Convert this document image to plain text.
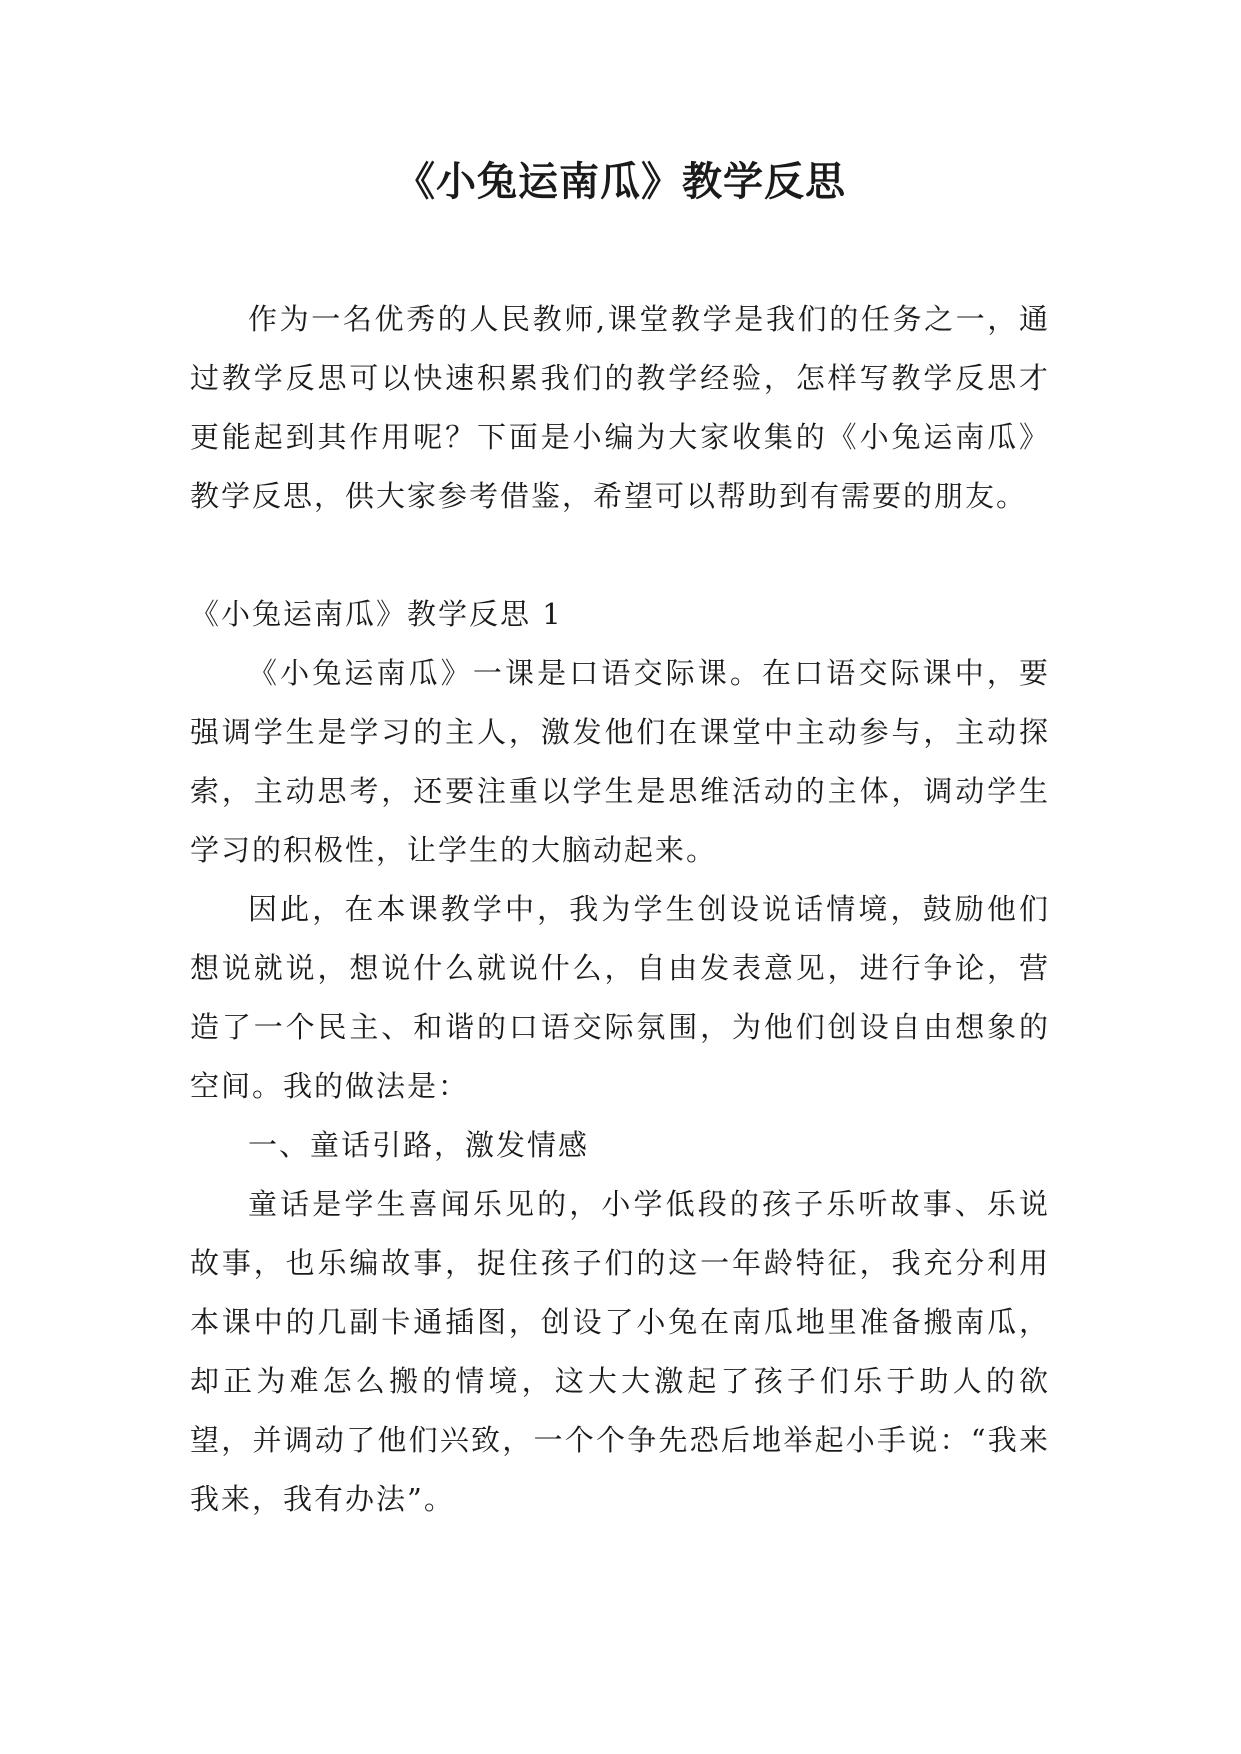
《小兔运南瓜》教学反思

作为一名优秀的人民教师,课堂教学是我们的任务之一，通过教学反思可以快速积累我们的教学经验，怎样写教学反思才更能起到其作用呢？下面是小编为大家收集的《小兔运南瓜》教学反思，供大家参考借鉴，希望可以帮助到有需要的朋友。

《小兔运南瓜》教学反思 1

《小兔运南瓜》一课是口语交际课。在口语交际课中，要强调学生是学习的主人，激发他们在课堂中主动参与，主动探索，主动思考，还要注重以学生是思维活动的主体，调动学生学习的积极性，让学生的大脑动起来。

因此，在本课教学中，我为学生创设说话情境，鼓励他们想说就说，想说什么就说什么，自由发表意见，进行争论，营造了一个民主、和谐的口语交际氛围，为他们创设自由想象的空间。我的做法是：

一、童话引路，激发情感

童话是学生喜闻乐见的，小学低段的孩子乐听故事、乐说故事，也乐编故事，捉住孩子们的这一年龄特征，我充分利用本课中的几副卡通插图，创设了小兔在南瓜地里准备搬南瓜，却正为难怎么搬的情境，这大大激起了孩子们乐于助人的欲望，并调动了他们兴致，一个个争先恐后地举起小手说：“我来我来，我有办法”。
